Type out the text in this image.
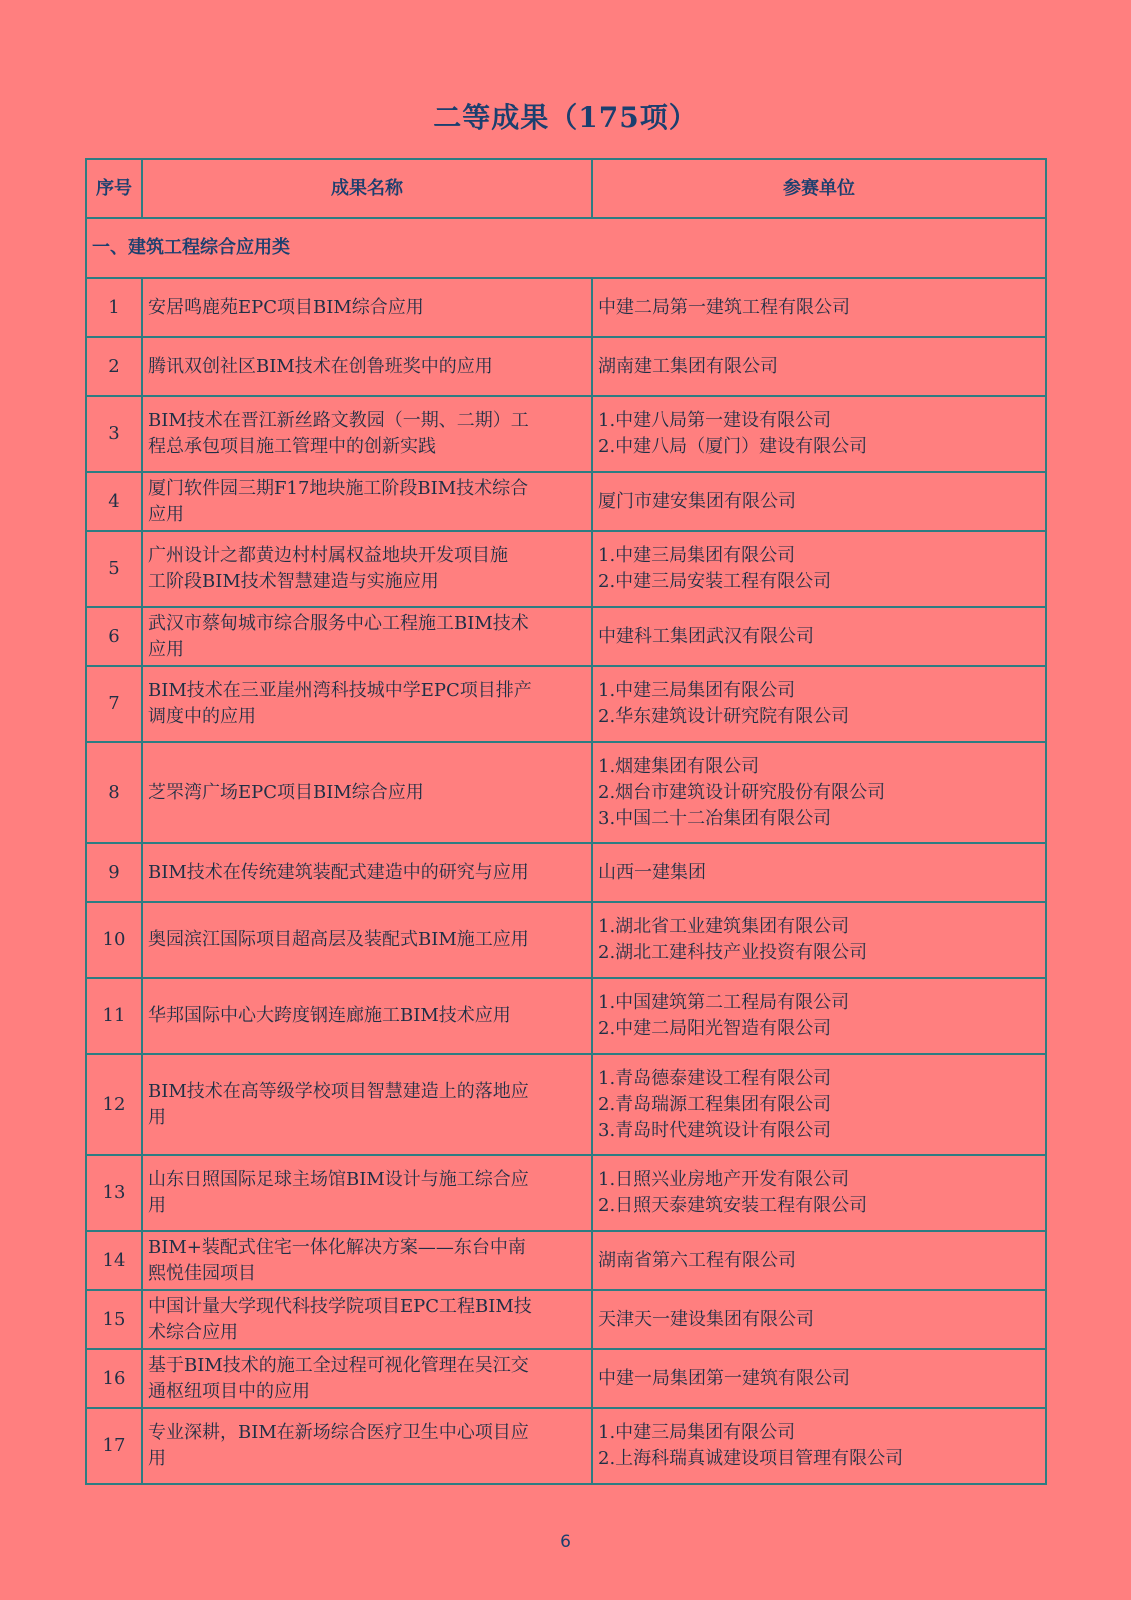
二等成果（175项）
序号	成果名称	参赛单位
一、建筑工程综合应用类		
1	安居鸣鹿苑EPC项目BIM综合应用	中建二局第一建筑工程有限公司

2	腾讯双创社区BIM技术在创鲁班奖中的应用	湖南建工集团有限公司

3	BIM技术在晋江新丝路文教园（一期、二期）工
程总承包项目施工管理中的创新实践	1.中建八局第一建设有限公司
2.中建八局（厦门）建设有限公司

4	厦门软件园三期F17地块施工阶段BIM技术综合
应用	厦门市建安集团有限公司

5	广州设计之都黄边村村属权益地块开发项目施
工阶段BIM技术智慧建造与实施应用	1.中建三局集团有限公司
2.中建三局安装工程有限公司

6	武汉市蔡甸城市综合服务中心工程施工BIM技术
应用	中建科工集团武汉有限公司

7	BIM技术在三亚崖州湾科技城中学EPC项目排产
调度中的应用	1.中建三局集团有限公司
2.华东建筑设计研究院有限公司

8	芝罘湾广场EPC项目BIM综合应用	1.烟建集团有限公司
2.烟台市建筑设计研究股份有限公司
3.中国二十二冶集团有限公司

9	BIM技术在传统建筑装配式建造中的研究与应用	山西一建集团

10	奥园滨江国际项目超高层及装配式BIM施工应用	1.湖北省工业建筑集团有限公司
2.湖北工建科技产业投资有限公司

11	华邦国际中心大跨度钢连廊施工BIM技术应用	1.中国建筑第二工程局有限公司
2.中建二局阳光智造有限公司

12	BIM技术在高等级学校项目智慧建造上的落地应
用	1.青岛德泰建设工程有限公司
2.青岛瑞源工程集团有限公司
3.青岛时代建筑设计有限公司

13	山东日照国际足球主场馆BIM设计与施工综合应
用	1.日照兴业房地产开发有限公司
2.日照天泰建筑安装工程有限公司

14	BIM+装配式住宅一体化解决方案——东台中南
熙悦佳园项目	湖南省第六工程有限公司

15	中国计量大学现代科技学院项目EPC工程BIM技
术综合应用	天津天一建设集团有限公司

16	基于BIM技术的施工全过程可视化管理在吴江交
通枢纽项目中的应用	中建一局集团第一建筑有限公司

17	专业深耕，BIM在新场综合医疗卫生中心项目应
用	1.中建三局集团有限公司
2.上海科瑞真诚建设项目管理有限公司
6
